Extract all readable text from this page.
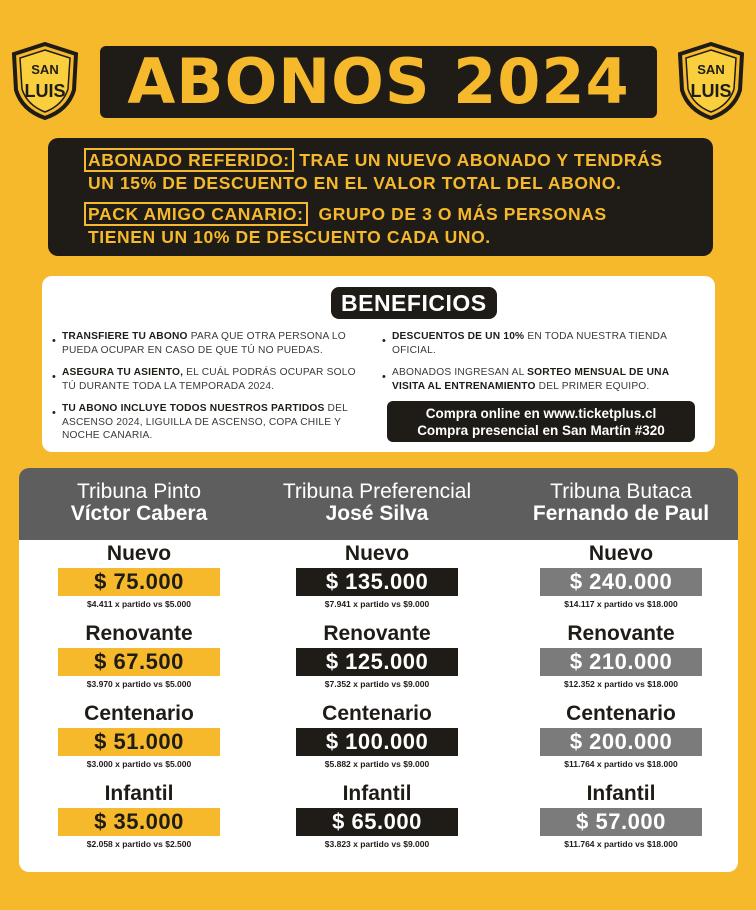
SAN
LUIS ABONOS 2024	SAN
LUIS

ABONADO REFERIDO: TRAE UN NUEVO ABONADO Y TENDRÁS

UN 15% DE DESCUENTO EN EL VALOR TOTAL DEL ABONO.

PACK AMIGO CANARIO:  GRUPO DE 3 O MÁS PERSONAS

TIENEN UN 10% DE DESCUENTO CADA UNO.

BENEFICIOS
• TRANSFIERE TU ABONO PARA QUE OTRA PERSONA LO PUEDA OCUPAR EN CASO DE QUE TÚ NO PUEDAS.
• ASEGURA TU ASIENTO, EL CUÁL PODRÁS OCUPAR SOLO TÚ DURANTE TODA LA TEMPORADA 2024.
• TU ABONO INCLUYE TODOS NUESTROS PARTIDOS DEL ASCENSO 2024, LIGUILLA DE ASCENSO, COPA CHILE Y NOCHE CANARIA.
• DESCUENTOS DE UN 10% EN TODA NUESTRA TIENDA OFICIAL.
• ABONADOS INGRESAN AL SORTEO MENSUAL DE UNA VISITA AL ENTRENAMIENTO DEL PRIMER EQUIPO.
Compra online en www.ticketplus.cl
Compra presencial en San Martín #320
Tribuna Pinto
Víctor Cabera
Nuevo
$ 75.000
$4.411 x partido vs $5.000
Renovante
$ 67.500
$3.970 x partido vs $5.000
Centenario
$ 51.000
$3.000 x partido vs $5.000
Infantil
$ 35.000
$2.058 x partido vs $2.500
Tribuna Preferencial
José Silva
Nuevo
$ 135.000
$7.941 x partido vs $9.000
Renovante
$ 125.000
$7.352 x partido vs $9.000
Centenario
$ 100.000
$5.882 x partido vs $9.000
Infantil
$ 65.000
$3.823 x partido vs $9.000
Tribuna Butaca
Fernando de Paul
Nuevo
$ 240.000
$14.117 x partido vs $18.000
Renovante
$ 210.000
$12.352 x partido vs $18.000
Centenario
$ 200.000
$11.764 x partido vs $18.000
Infantil
$ 57.000
$11.764 x partido vs $18.000
